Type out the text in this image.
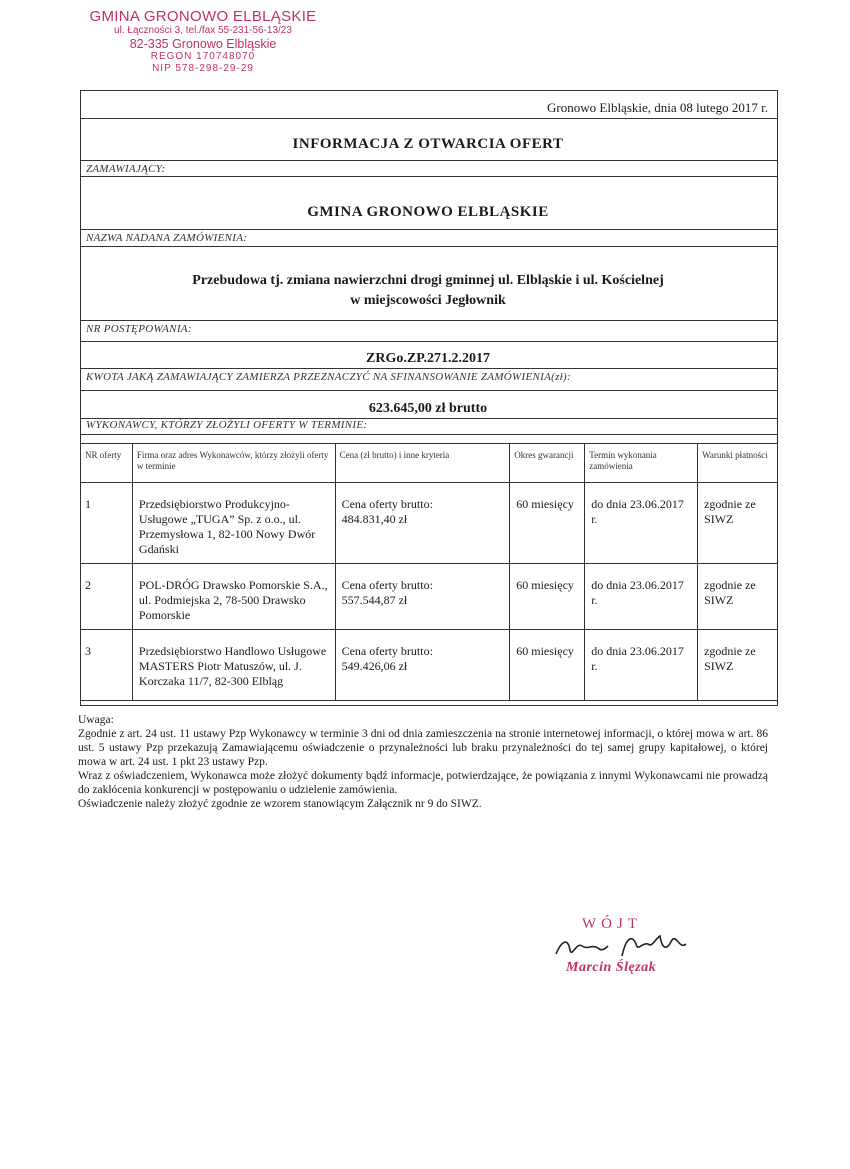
GMINA GRONOWO ELBLĄSKIE
ul. Łączności 3, tel./fax 55-231-56-13/23
82-335 Gronowo Elbląskie
REGON 170748070
NIP 578-298-29-29
Gronowo Elbląskie, dnia 08 lutego 2017 r.
INFORMACJA Z OTWARCIA OFERT
ZAMAWIAJĄCY:
GMINA GRONOWO ELBLĄSKIE
NAZWA NADANA ZAMÓWIENIA:
Przebudowa tj. zmiana nawierzchni drogi gminnej ul. Elbląskie i ul. Kościelnej
w miejscowości Jegłownik
NR POSTĘPOWANIA:
ZRGo.ZP.271.2.2017
KWOTA JAKĄ ZAMAWIAJĄCY ZAMIERZA PRZEZNACZYĆ NA SFINANSOWANIE ZAMÓWIENIA(zł):
623.645,00 zł brutto
WYKONAWCY, KTÓRZY ZŁOŻYLI OFERTY W TERMINIE:
NR oferty	Firma oraz adres Wykonawców, którzy złożyli oferty w terminie	Cena (zł brutto) i inne kryteria	Okres gwarancji	Termin wykonania zamówienia	Warunki płatności
1	Przedsiębiorstwo Produkcyjno-Usługowe „TUGA” Sp. z o.o., ul. Przemysłowa 1, 82-100 Nowy Dwór Gdański	Cena oferty brutto:
484.831,40 zł	60 miesięcy	do dnia 23.06.2017 r.	zgodnie ze SIWZ
2	POL-DRÓG Drawsko Pomorskie S.A., ul. Podmiejska 2, 78-500 Drawsko Pomorskie	Cena oferty brutto:
557.544,87 zł	60 miesięcy	do dnia 23.06.2017 r.	zgodnie ze SIWZ
3	Przedsiębiorstwo Handlowo Usługowe MASTERS Piotr Matuszów, ul. J. Korczaka 11/7, 82-300 Elbląg	Cena oferty brutto:
549.426,06 zł	60 miesięcy	do dnia 23.06.2017 r.	zgodnie ze SIWZ

Uwaga:

Zgodnie z art. 24 ust. 11 ustawy Pzp Wykonawcy w terminie 3 dni od dnia zamieszczenia na stronie internetowej informacji, o której mowa w art. 86 ust. 5 ustawy Pzp przekazują Zamawiającemu oświadczenie o przynależności lub braku przynależności do tej samej grupy kapitałowej, o której mowa w art. 24 ust. 1 pkt 23 ustawy Pzp.

Wraz z oświadczeniem, Wykonawca może złożyć dokumenty bądź informacje, potwierdzające, że powiązania z innymi Wykonawcami nie prowadzą do zakłócenia konkurencji w postępowaniu o udzielenie zamówienia.

Oświadczenie należy złożyć zgodnie ze wzorem stanowiącym Załącznik nr 9 do SIWZ.

WÓJT
Marcin Ślęzak
